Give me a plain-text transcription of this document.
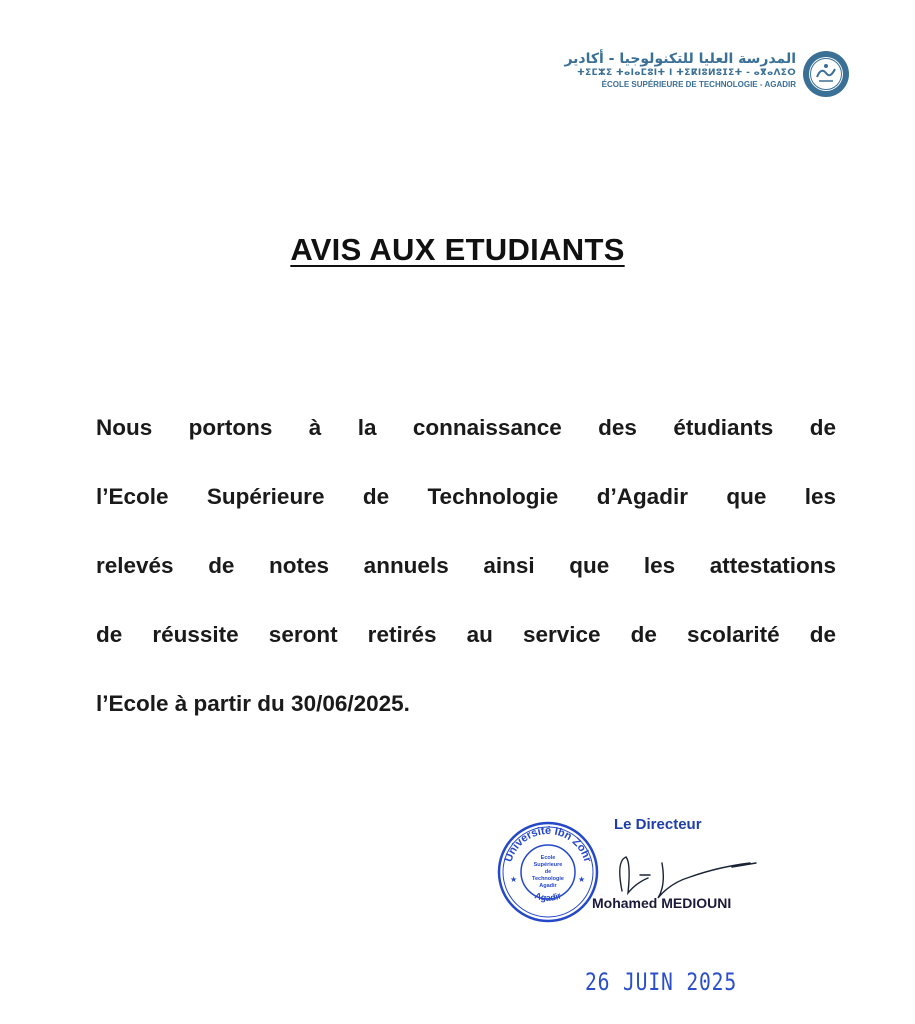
المدرسة العليا للتكنولوجيا - أكادير
ⵜⵉⵎⵣⵉ ⵜⴰⵏⴰⵎⵓⵏⵜ ⵏ ⵜⵉⴽⵏⵓⵍⵓⵊⵉⵜ - ⴰⴳⴰⴷⵉⵔ
ÉCOLE SUPÉRIEURE DE TECHNOLOGIE - AGADIR
AVIS AUX ETUDIANTS
Nous portons à la connaissance des étudiants de
l’Ecole Supérieure de Technologie d’Agadir que les
relevés de notes annuels ainsi que les attestations
de réussite seront retirés au service de scolarité de
l’Ecole à partir du 30/06/2025.
Université Ibn Zohr
Agadir
Ecole
Supérieure
de
Technologie
Agadir
★	★
Le Directeur
Mohamed MEDIOUNI
26 JUIN 2025
